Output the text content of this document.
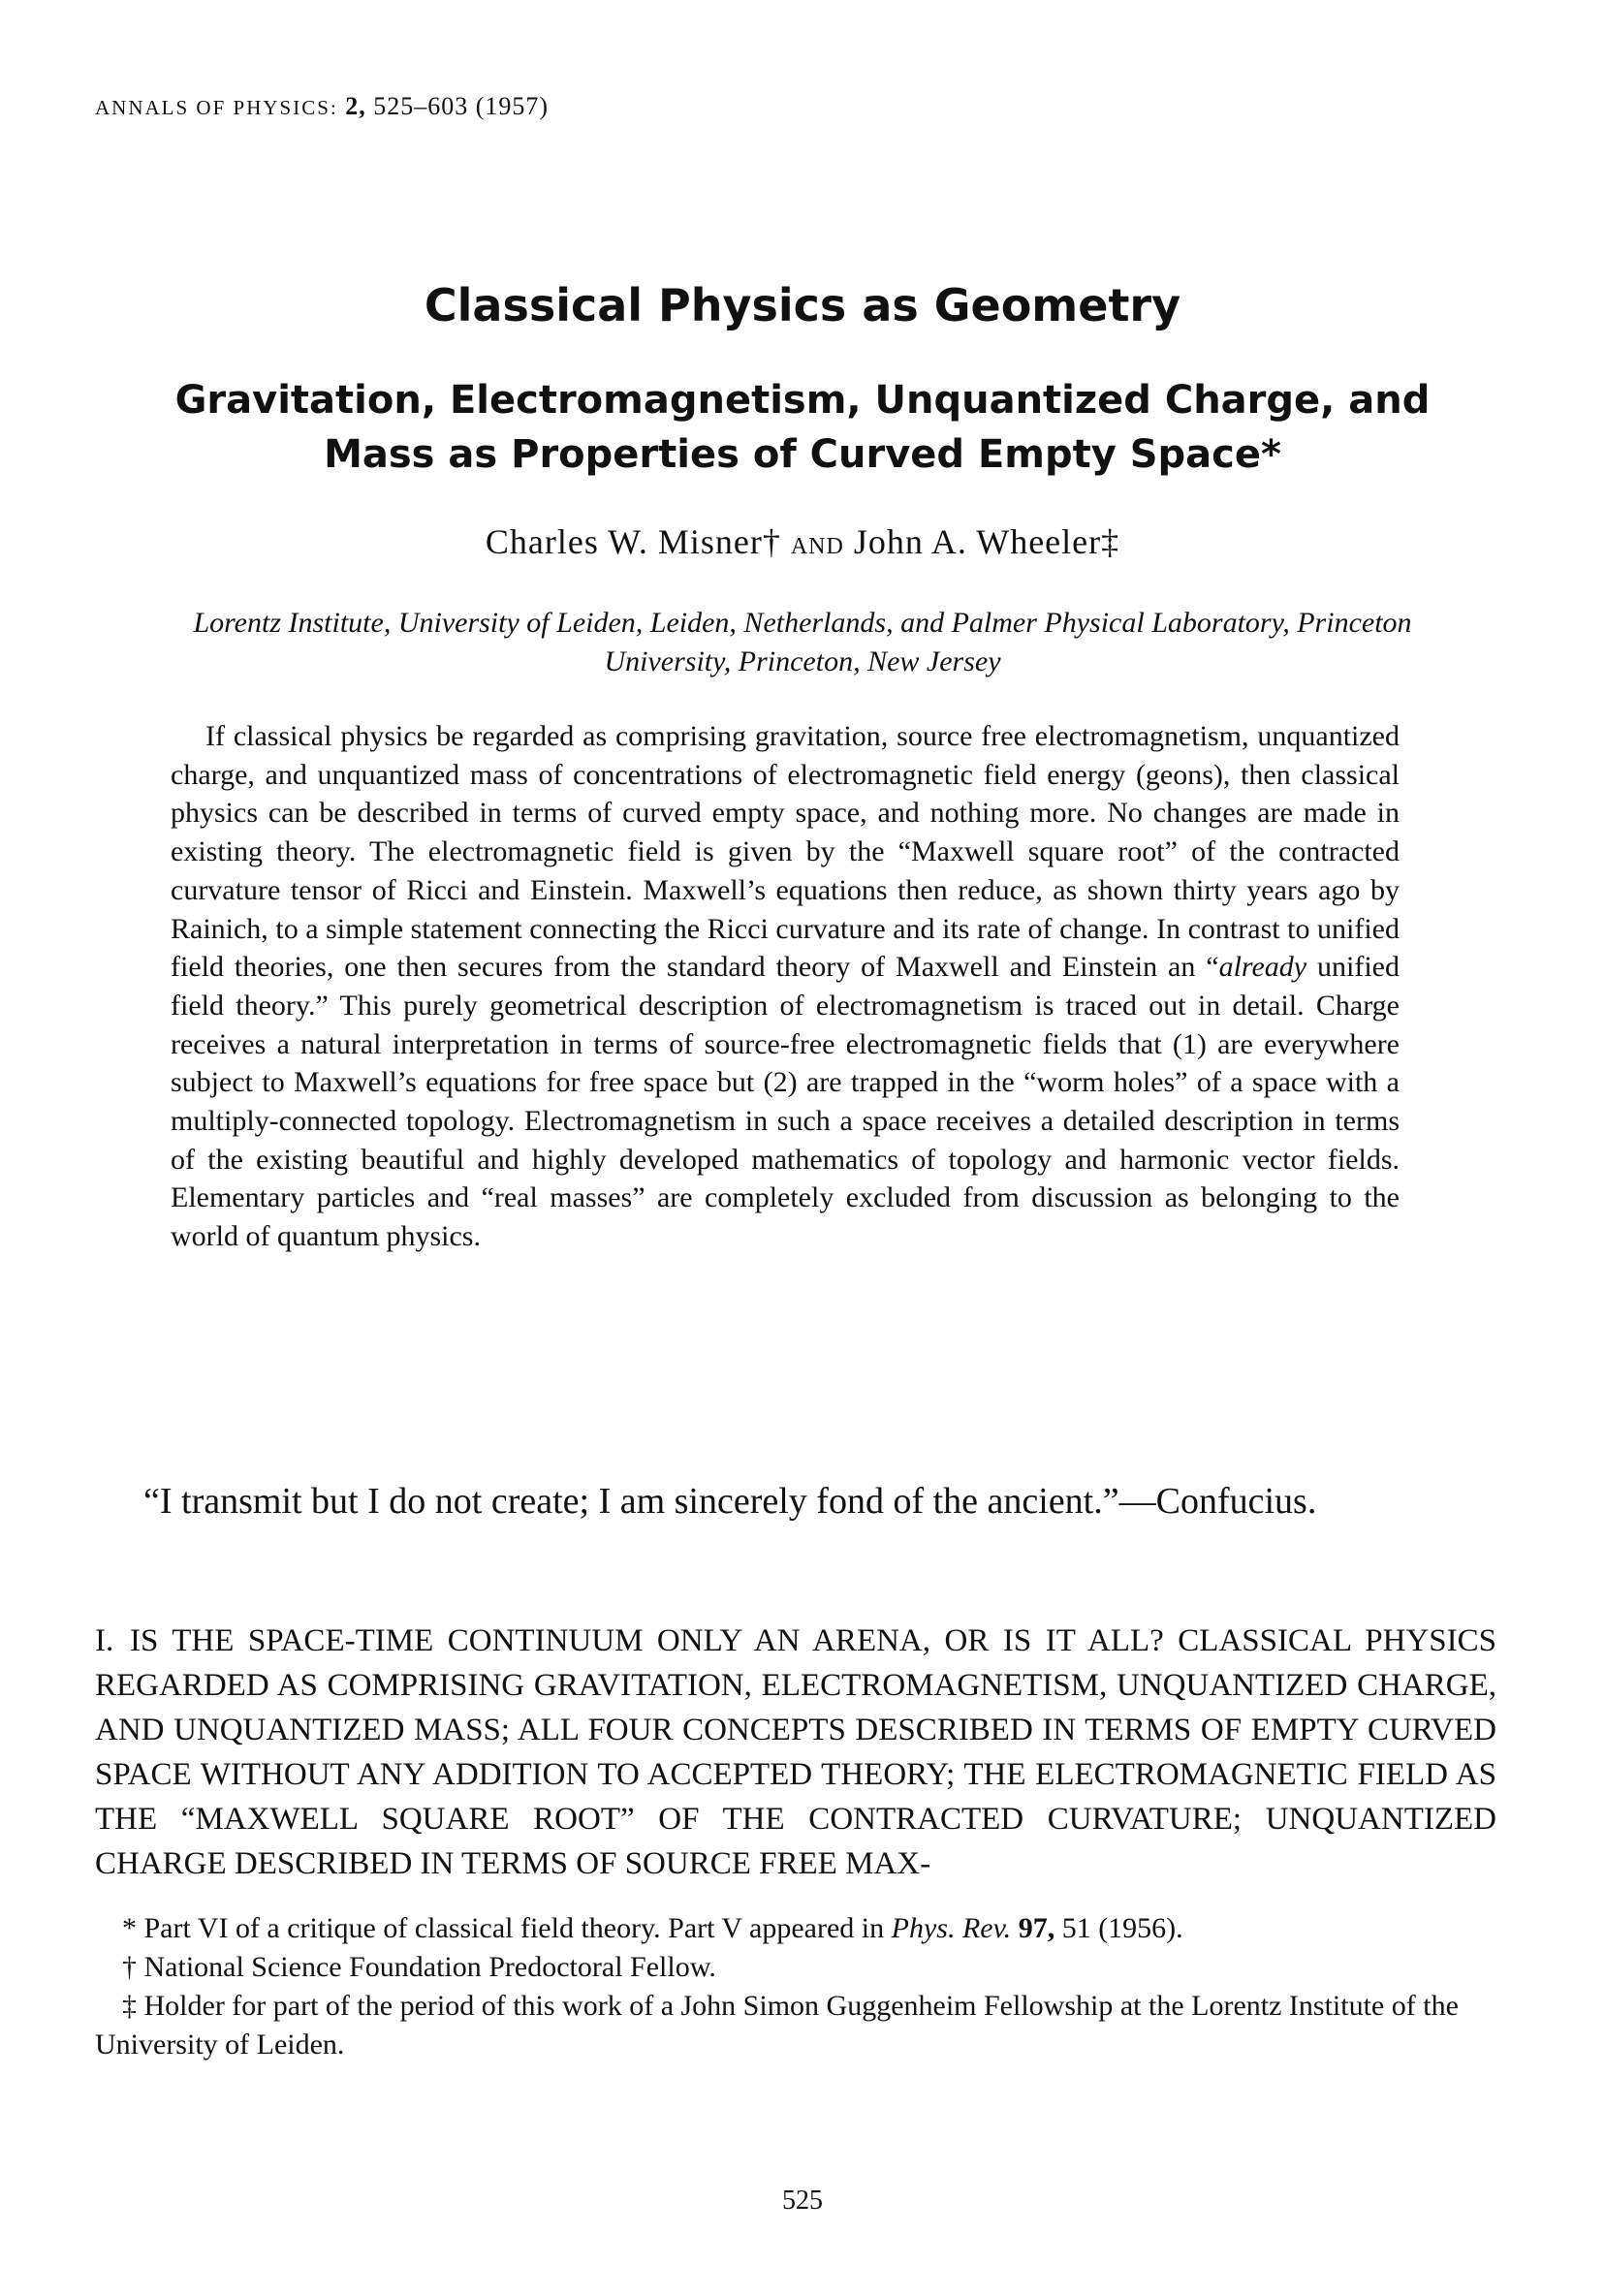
ANNALS OF PHYSICS: 2, 525–603 (1957)
Classical Physics as Geometry
Gravitation, Electromagnetism, Unquantized Charge, and Mass as Properties of Curved Empty Space*
Charles W. Misner† AND John A. Wheeler‡
Lorentz Institute, University of Leiden, Leiden, Netherlands, and Palmer Physical Laboratory, Princeton University, Princeton, New Jersey

If classical physics be regarded as comprising gravitation, source free electromagnetism, unquantized charge, and unquantized mass of concentrations of electromagnetic field energy (geons), then classical physics can be described in terms of curved empty space, and nothing more. No changes are made in existing theory. The electromagnetic field is given by the “Maxwell square root” of the contracted curvature tensor of Ricci and Einstein. Maxwell’s equations then reduce, as shown thirty years ago by Rainich, to a simple statement connecting the Ricci curvature and its rate of change. In contrast to unified field theories, one then secures from the standard theory of Maxwell and Einstein an “already unified field theory.” This purely geometrical description of electromagnetism is traced out in detail. Charge receives a natural interpretation in terms of source-free electromagnetic fields that (1) are everywhere subject to Maxwell’s equations for free space but (2) are trapped in the “worm holes” of a space with a multiply-connected topology. Electromagnetism in such a space receives a detailed description in terms of the existing beautiful and highly developed mathematics of topology and harmonic vector fields. Elementary particles and “real masses” are completely excluded from discussion as belonging to the world of quantum physics.

“I transmit but I do not create; I am sincerely fond of the ancient.”—Confucius.

I. IS THE SPACE-TIME CONTINUUM ONLY AN ARENA, OR IS IT ALL? CLASSICAL PHYSICS REGARDED AS COMPRISING GRAVITATION, ELECTROMAGNETISM, UNQUANTIZED CHARGE, AND UNQUANTIZED MASS; ALL FOUR CONCEPTS DESCRIBED IN TERMS OF EMPTY CURVED SPACE WITHOUT ANY ADDITION TO ACCEPTED THEORY; THE ELECTROMAGNETIC FIELD AS THE “MAXWELL SQUARE ROOT” OF THE CONTRACTED CURVATURE; UNQUANTIZED CHARGE DESCRIBED IN TERMS OF SOURCE FREE MAX-

* Part VI of a critique of classical field theory. Part V appeared in Phys. Rev. 97, 51 (1956).

† National Science Foundation Predoctoral Fellow.

‡ Holder for part of the period of this work of a John Simon Guggenheim Fellowship at the Lorentz Institute of the University of Leiden.

525
